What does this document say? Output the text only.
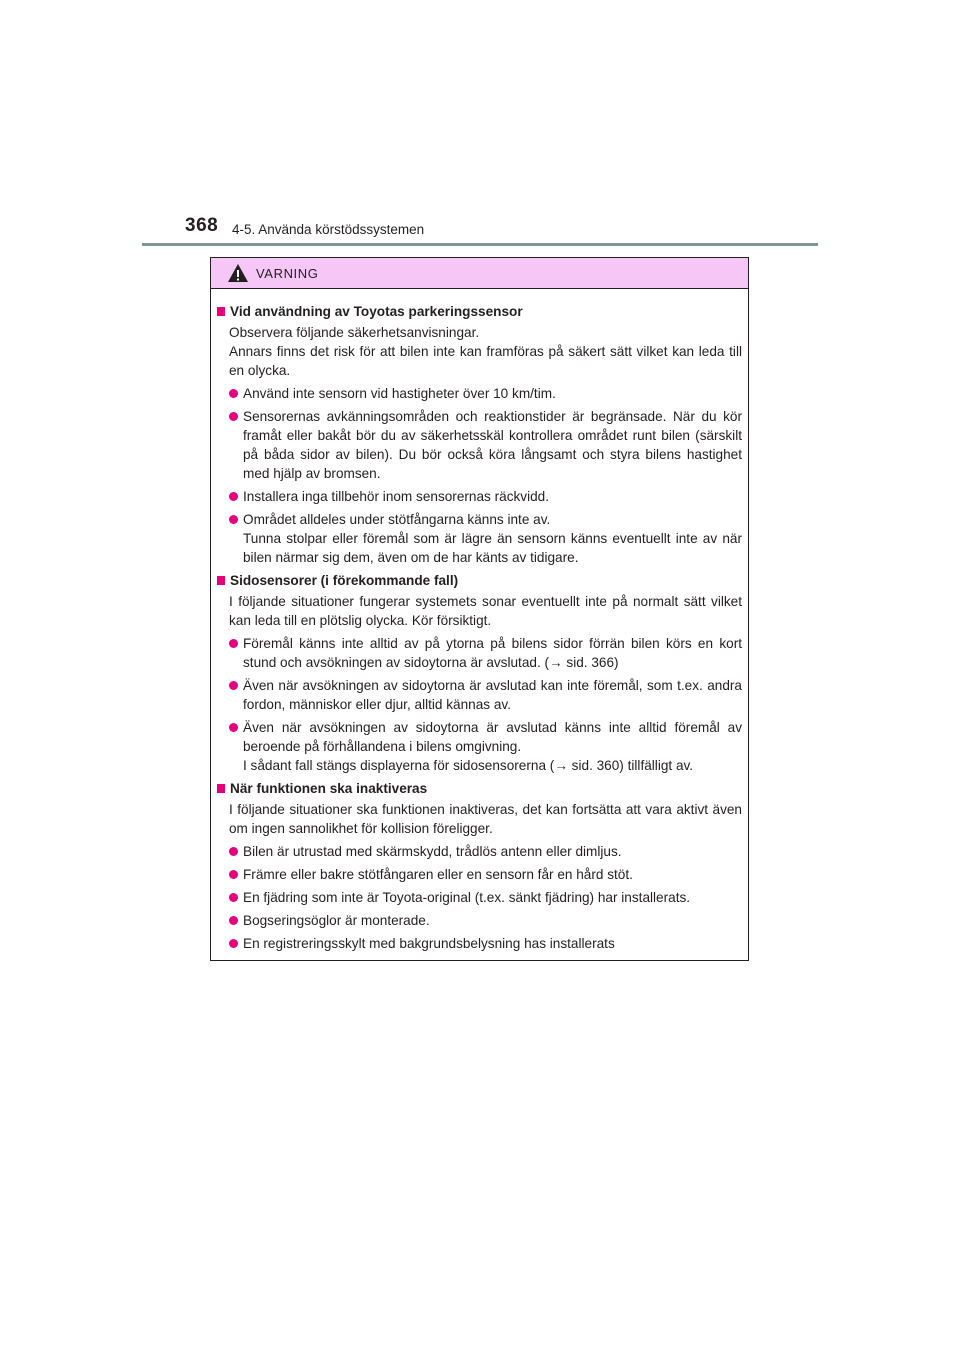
368 4-5. Använda körstödssystemen
VARNING
Vid användning av Toyotas parkeringssensor
Observera följande säkerhetsanvisningar.
Annars finns det risk för att bilen inte kan framföras på säkert sätt vilket kan leda till en olycka.
Använd inte sensorn vid hastigheter över 10 km/tim.
Sensorernas avkänningsområden och reaktionstider är begränsade. När du kör framåt eller bakåt bör du av säkerhetsskäl kontrollera området runt bilen (särskilt på båda sidor av bilen). Du bör också köra långsamt och styra bilens hastighet med hjälp av bromsen.
Installera inga tillbehör inom sensorernas räckvidd.
Området alldeles under stötfångarna känns inte av.
Tunna stolpar eller föremål som är lägre än sensorn känns eventuellt inte av när bilen närmar sig dem, även om de har känts av tidigare.
Sidosensorer (i förekommande fall)
I följande situationer fungerar systemets sonar eventuellt inte på normalt sätt vilket kan leda till en plötslig olycka. Kör försiktigt.
Föremål känns inte alltid av på ytorna på bilens sidor förrän bilen körs en kort stund och avsökningen av sidoytorna är avslutad. (→ sid. 366)
Även när avsökningen av sidoytorna är avslutad kan inte föremål, som t.ex. andra fordon, människor eller djur, alltid kännas av.
Även när avsökningen av sidoytorna är avslutad känns inte alltid föremål av beroende på förhållandena i bilens omgivning.
I sådant fall stängs displayerna för sidosensorerna (→ sid. 360) tillfälligt av.
När funktionen ska inaktiveras
I följande situationer ska funktionen inaktiveras, det kan fortsätta att vara aktivt även om ingen sannolikhet för kollision föreligger.
Bilen är utrustad med skärmskydd, trådlös antenn eller dimljus.
Främre eller bakre stötfångaren eller en sensorn får en hård stöt.
En fjädring som inte är Toyota-original (t.ex. sänkt fjädring) har installerats.
Bogseringsöglor är monterade.
En registreringsskylt med bakgrundsbelysning has installerats
